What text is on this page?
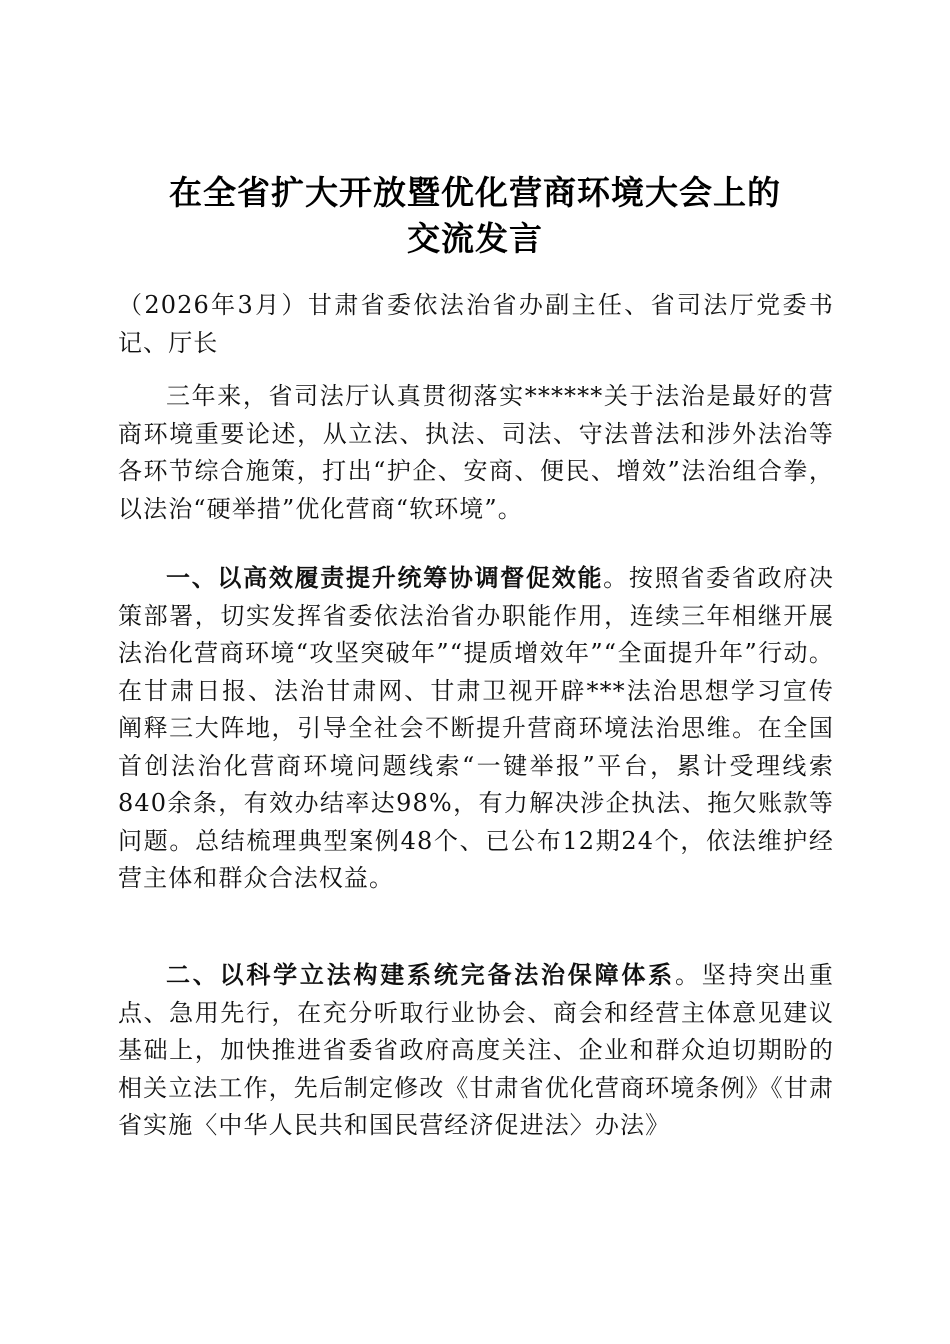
在全省扩大开放暨优化营商环境大会上的
交流发言

（2026年3月）甘肃省委依法治省办副主任、省司法厅党委书记、厅长

三年来，省司法厅认真贯彻落实******关于法治是最好的营商环境重要论述，从立法、执法、司法、守法普法和涉外法治等各环节综合施策，打出“护企、安商、便民、增效”法治组合拳，以法治“硬举措”优化营商“软环境”。

一、以高效履责提升统筹协调督促效能。按照省委省政府决策部署，切实发挥省委依法治省办职能作用，连续三年相继开展法治化营商环境“攻坚突破年”“提质增效年”“全面提升年”行动。在甘肃日报、法治甘肃网、甘肃卫视开辟***法治思想学习宣传阐释三大阵地，引导全社会不断提升营商环境法治思维。在全国首创法治化营商环境问题线索“一键举报”平台，累计受理线索840余条，有效办结率达98%，有力解决涉企执法、拖欠账款等问题。总结梳理典型案例48个、已公布12期24个，依法维护经营主体和群众合法权益。

二、以科学立法构建系统完备法治保障体系。坚持突出重点、急用先行，在充分听取行业协会、商会和经营主体意见建议基础上，加快推进省委省政府高度关注、企业和群众迫切期盼的相关立法工作，先后制定修改《甘肃省优化营商环境条例》《甘肃省实施〈中华人民共和国民营经济促进法〉办法》
